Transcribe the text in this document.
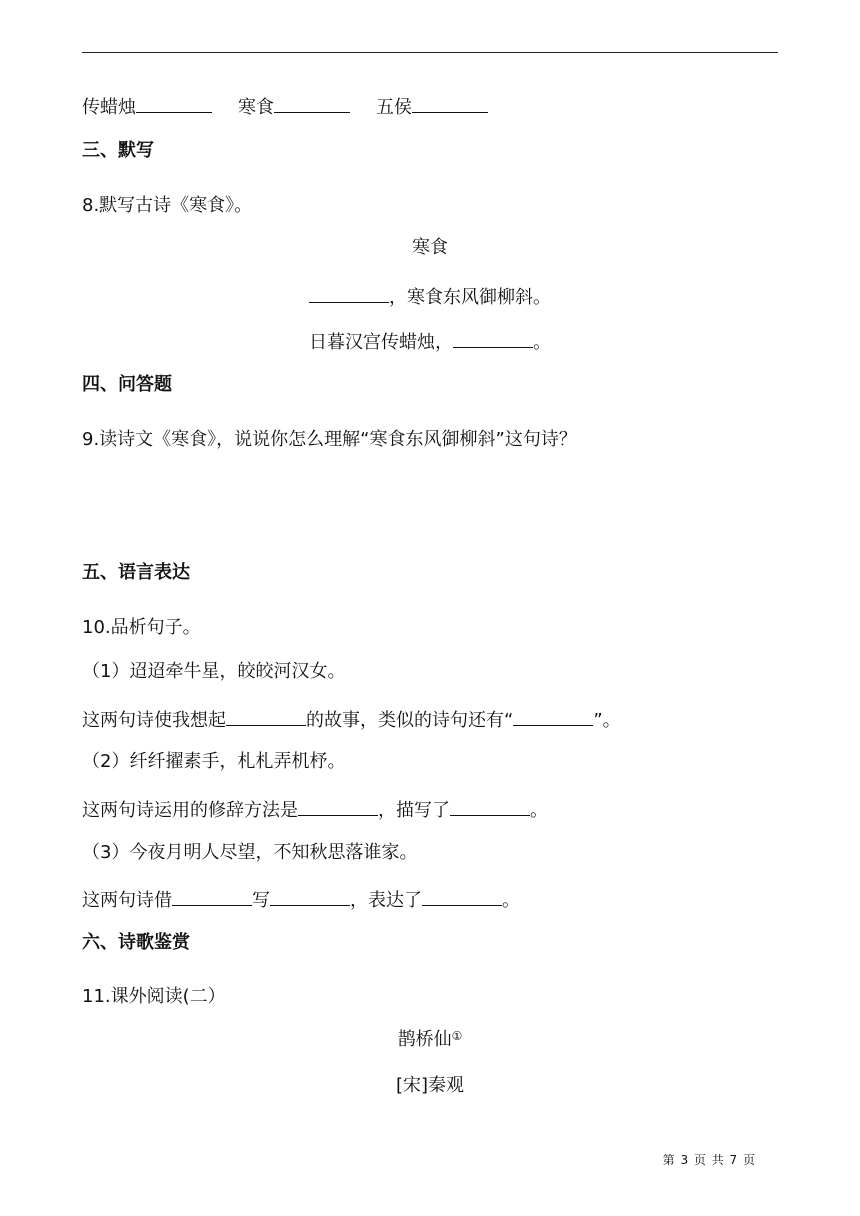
传蜡烛	寒食	五侯
三、默写
8.默写古诗《寒食》。
寒食
，寒食东风御柳斜。
日暮汉宫传蜡烛，	。
四、问答题
9.读诗文《寒食》，说说你怎么理解“寒食东风御柳斜”这句诗？
五、语言表达
10.品析句子。
（1）迢迢牵牛星，皎皎河汉女。
这两句诗使我想起	的故事，类似的诗句还有“	”。
（2）纤纤擢素手，札札弄机杼。
这两句诗运用的修辞方法是	，描写了	。
（3）今夜月明人尽望，不知秋思落谁家。
这两句诗借	写	，表达了	。
六、诗歌鉴赏
11.课外阅读(二）
鹊桥仙①
[宋]秦观
第 3 页 共 7 页
